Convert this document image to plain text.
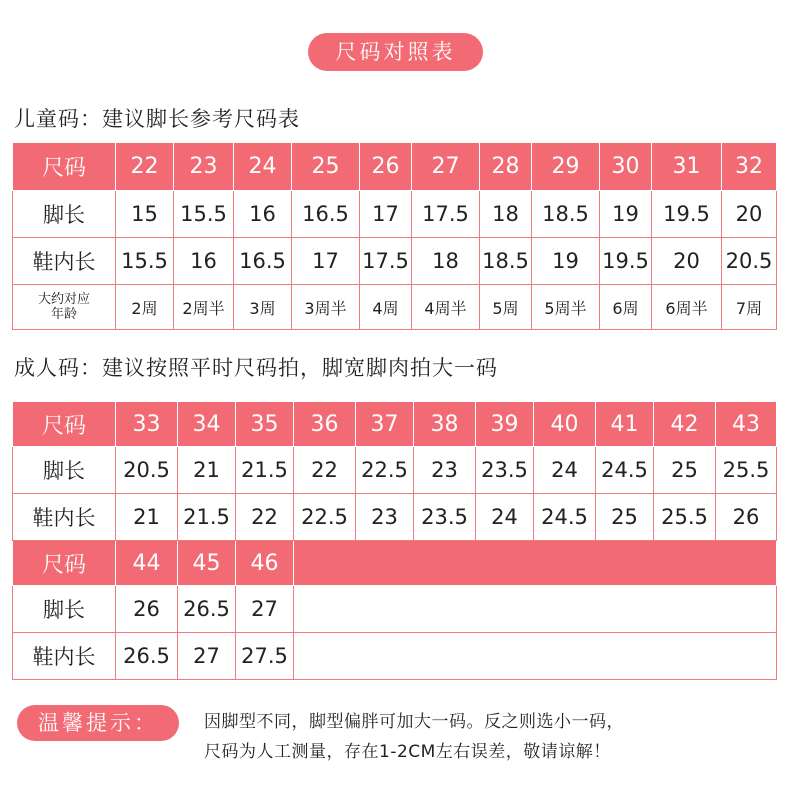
尺码对照表
儿童码：建议脚长参考尺码表
尺码	22	23	24	25	26	27	28	29	30	31	32
脚长	15	15.5	16	16.5	17	17.5	18	18.5	19	19.5	20
鞋内长	15.5	16	16.5	17	17.5	18	18.5	19	19.5	20	20.5
大约对应年龄	2周	2周半	3周	3周半	4周	4周半	5周	5周半	6周	6周半	7周
成人码：建议按照平时尺码拍，脚宽脚肉拍大一码
尺码	33	34	35	36	37	38	39	40	41	42	43
脚长	20.5	21	21.5	22	22.5	23	23.5	24	24.5	25	25.5
鞋内长	21	21.5	22	22.5	23	23.5	24	24.5	25	25.5	26
尺码	44	45	46								
脚长	26	26.5	27								
鞋内长	26.5	27	27.5								
温馨提示：	因脚型不同，脚型偏胖可加大一码。反之则选小一码，
尺码为人工测量，存在1-2CM左右误差，敬请谅解！
